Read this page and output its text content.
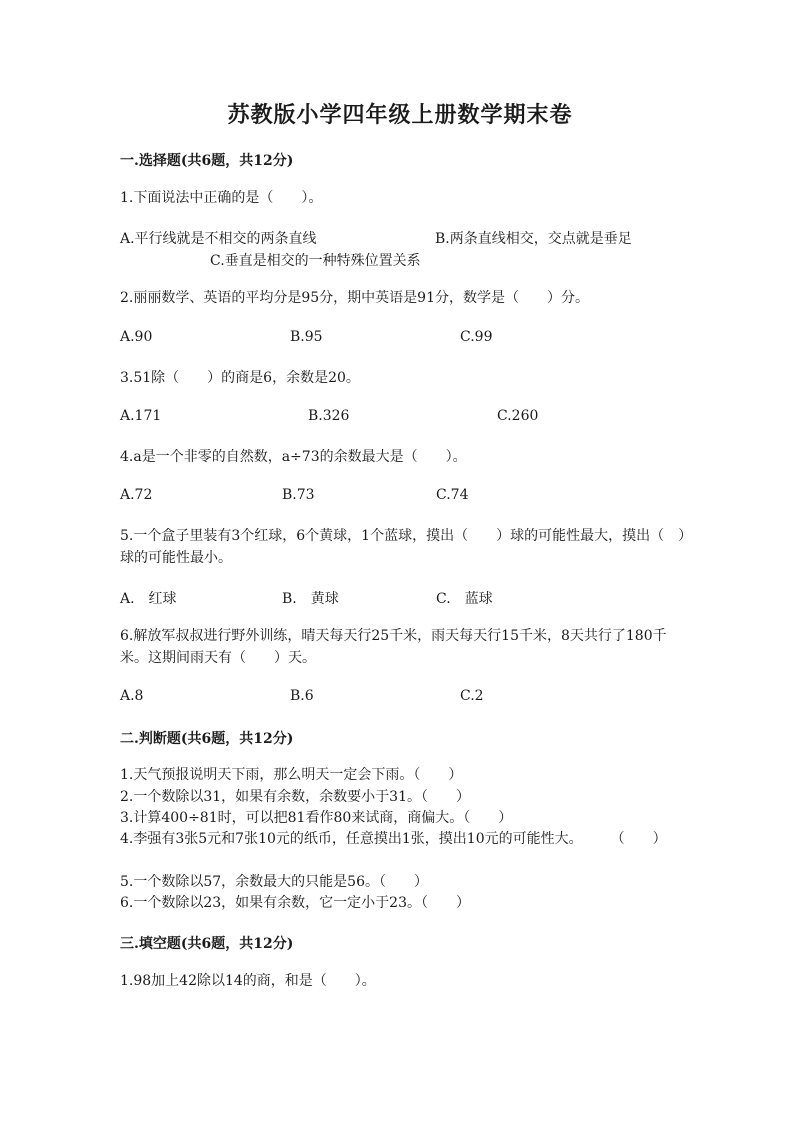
苏教版小学四年级上册数学期末卷
一.选择题(共6题，共12分)
1.下面说法中正确的是（　　）。
A.平行线就是不相交的两条直线	B.两条直线相交，交点就是垂足
C.垂直是相交的一种特殊位置关系
2.丽丽数学、英语的平均分是95分，期中英语是91分，数学是（　　）分。
A.90	B.95	C.99
3.51除（　　）的商是6，余数是20。
A.171	B.326	C.260
4.a是一个非零的自然数，a÷73的余数最大是（　　）。
A.72	B.73	C.74
5.一个盒子里装有3个红球，6个黄球，1个蓝球，摸出（　　）球的可能性最大，摸出（　）球的可能性最小。
A.　红球	B.　黄球	C.　蓝球
6.解放军叔叔进行野外训练，晴天每天行25千米，雨天每天行15千米，8天共行了180千米。这期间雨天有（　　）天。
A.8	B.6	C.2
二.判断题(共6题，共12分)
1.天气预报说明天下雨，那么明天一定会下雨。（　　）
2.一个数除以31，如果有余数，余数要小于31。（　　）
3.计算400÷81时，可以把81看作80来试商，商偏大。（　　）
4.李强有3张5元和7张10元的纸币，任意摸出1张，摸出10元的可能性大。　　　（　　）
5.一个数除以57，余数最大的只能是56。（　　）
6.一个数除以23，如果有余数，它一定小于23。（　　）
三.填空题(共6题，共12分)
1.98加上42除以14的商，和是（　　）。
